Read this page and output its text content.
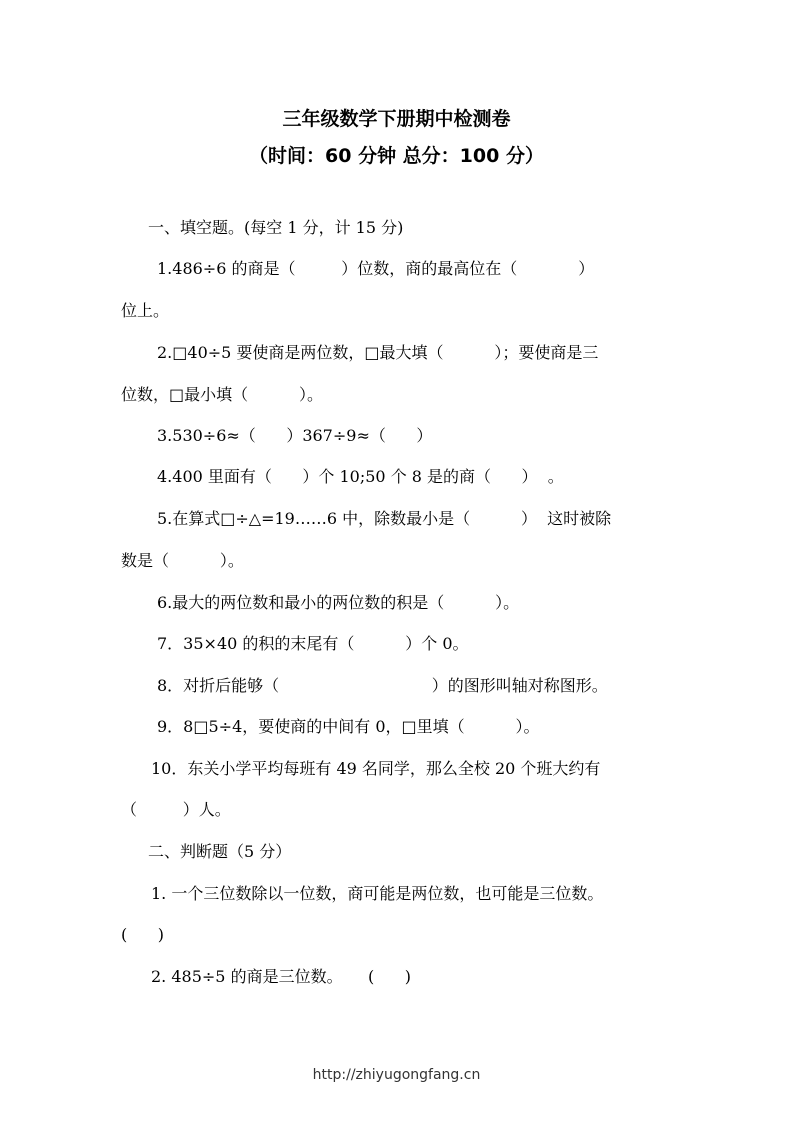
三年级数学下册期中检测卷
（时间：60 分钟 总分：100 分）
一、填空题。(每空 1 分，计 15 分)
1.486÷6 的商是（         ）位数，商的最高位在（            ）
位上。
2.□40÷5 要使商是两位数，□最大填（          ）；要使商是三
位数，□最小填（          ）。
3.530÷6≈（      ）367÷9≈（      ）
4.400 里面有（      ）个 10;50 个 8 是的商（      ）  。
5.在算式□÷△=19……6 中，除数最小是（          ）  这时被除
数是（          ）。
6.最大的两位数和最小的两位数的积是（          ）。
7．35×40 的积的末尾有（          ）个 0。
8．对折后能够（                              ）的图形叫轴对称图形。
9．8□5÷4，要使商的中间有 0，□里填（          ）。
10．东关小学平均每班有 49 名同学，那么全校 20 个班大约有
（         ）人。
二、判断题（5 分）
1. 一个三位数除以一位数，商可能是两位数，也可能是三位数。
(      )
2. 485÷5 的商是三位数。     (      )
http://zhiyugongfang.cn
